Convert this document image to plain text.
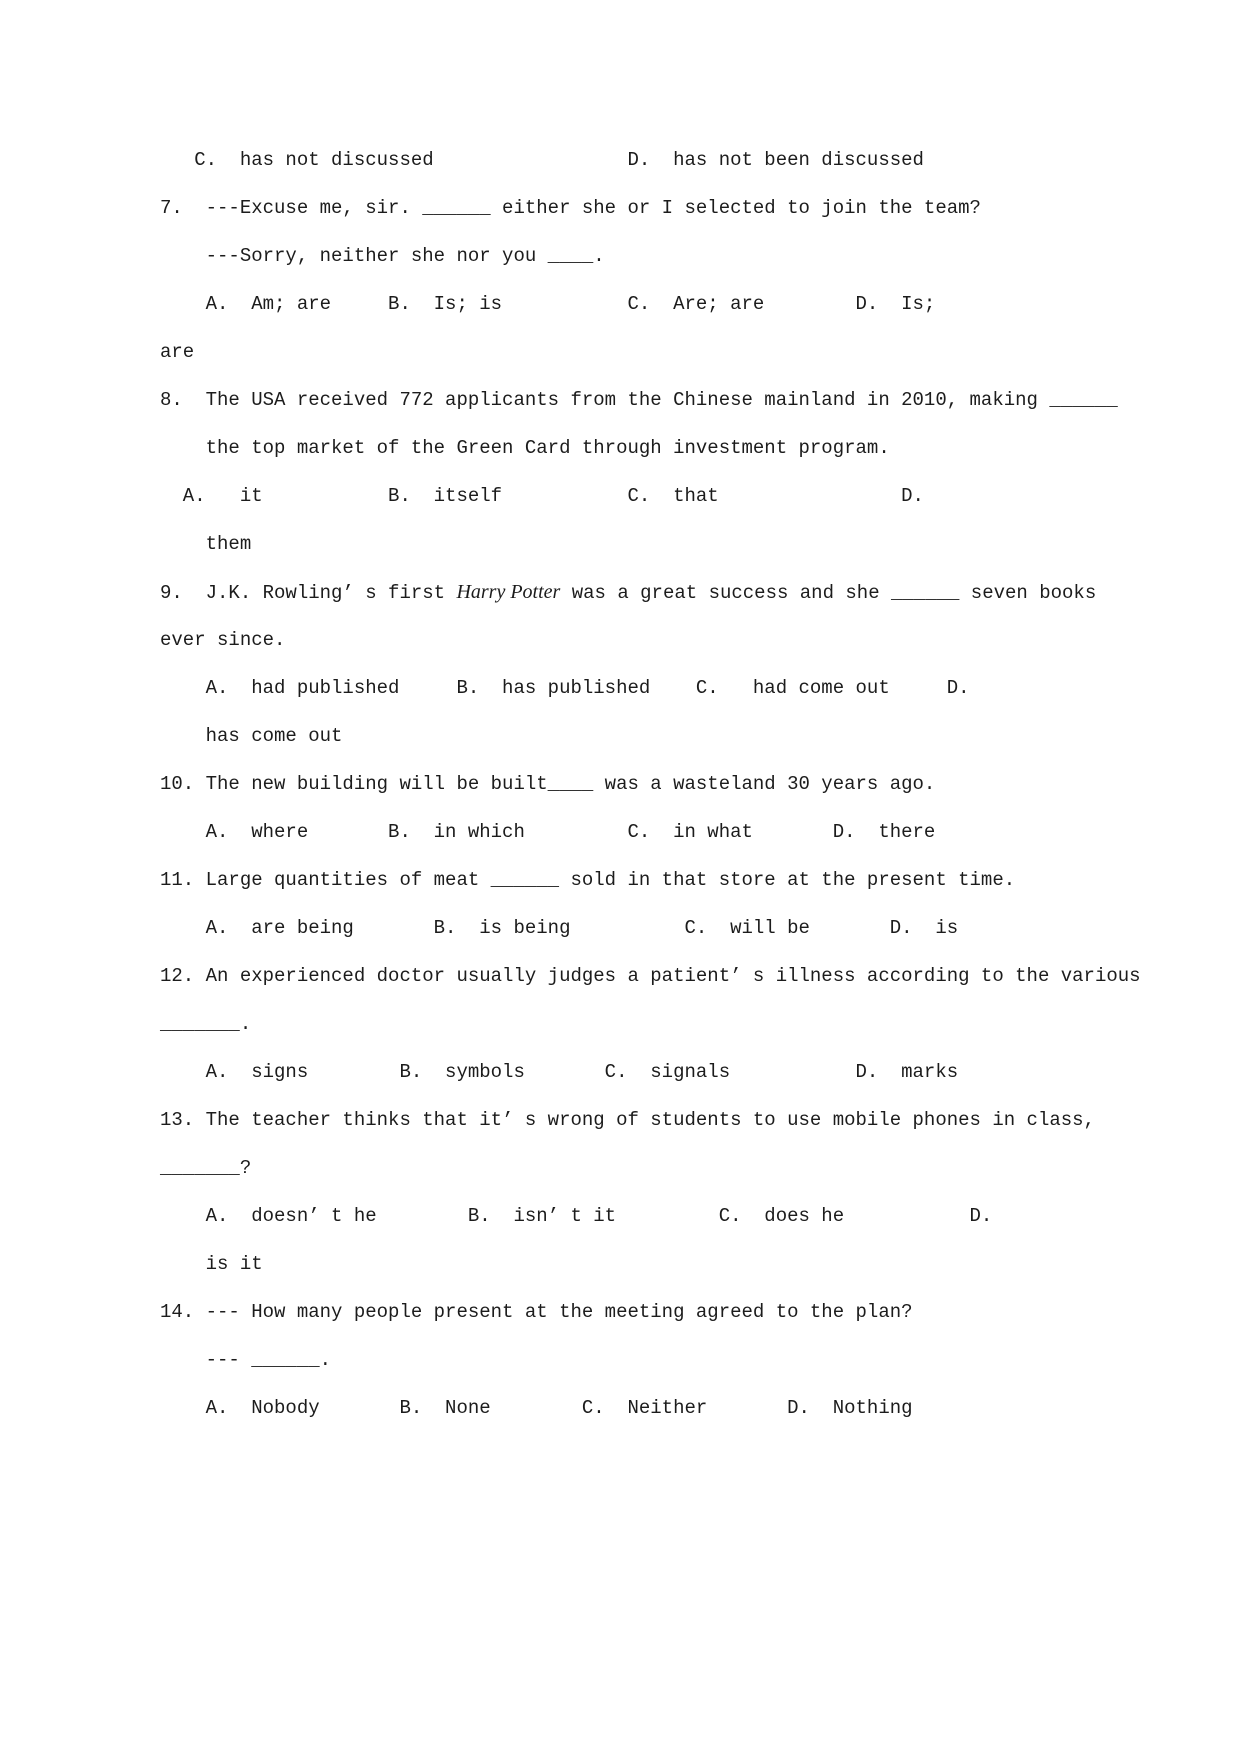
C.  has not discussed                 D.  has not been discussed
7.  ---Excuse me, sir. ______ either she or I selected to join the team?
---Sorry, neither she nor you ____.
A.  Am; are     B.  Is; is           C.  Are; are        D.  Is;
are
8.  The USA received 772 applicants from the Chinese mainland in 2010, making ______
the top market of the Green Card through investment program.
A.   it           B.  itself           C.  that                D.
them
9.  J.K. Rowling’ s first Harry Potter was a great success and she ______ seven books
ever since.
A.  had published     B.  has published    C.   had come out     D.
has come out
10. The new building will be built____ was a wasteland 30 years ago.
A.  where       B.  in which         C.  in what       D.  there
11. Large quantities of meat ______ sold in that store at the present time.
A.  are being       B.  is being          C.  will be       D.  is
12. An experienced doctor usually judges a patient’ s illness according to the various
_______.
A.  signs        B.  symbols       C.  signals           D.  marks
13. The teacher thinks that it’ s wrong of students to use mobile phones in class,
_______?
A.  doesn’ t he        B.  isn’ t it         C.  does he           D.
is it
14. --- How many people present at the meeting agreed to the plan?
--- ______.
A.  Nobody       B.  None        C.  Neither       D.  Nothing
